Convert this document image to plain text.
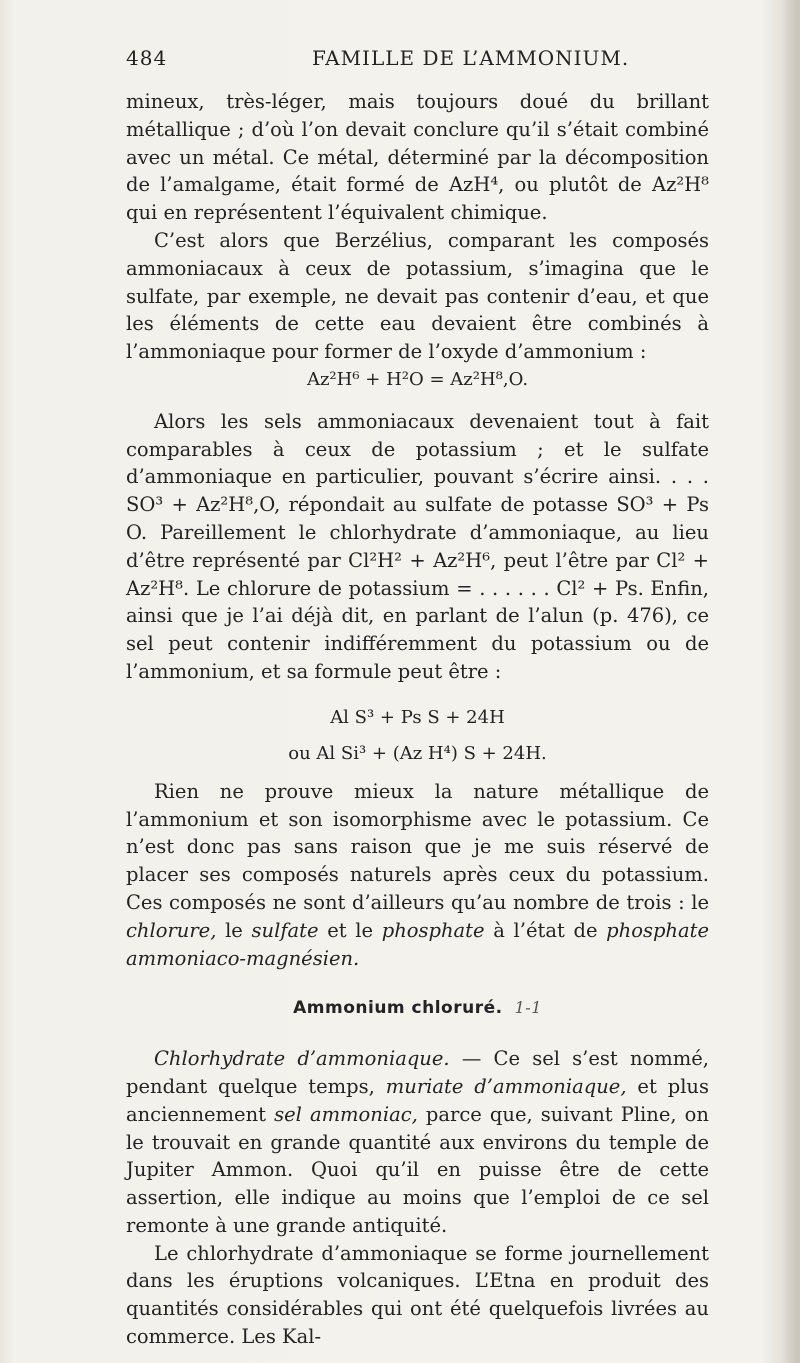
484	FAMILLE DE L’AMMONIUM.

mineux, très-léger, mais toujours doué du brillant métallique ; d’où l’on devait conclure qu’il s’était combiné avec un métal. Ce métal, déterminé par la décomposition de l’amalgame, était formé de AzH⁴, ou plutôt de Az²H⁸ qui en représentent l’équivalent chimique.

C’est alors que Berzélius, comparant les composés ammoniacaux à ceux de potassium, s’imagina que le sulfate, par exemple, ne devait pas contenir d’eau, et que les éléments de cette eau devaient être combinés à l’ammoniaque pour former de l’oxyde d’ammonium :

Az²H⁶ + H²O = Az²H⁸,O.

Alors les sels ammoniacaux devenaient tout à fait comparables à ceux de potassium ; et le sulfate d’ammoniaque en particulier, pouvant s’écrire ainsi. . . . SO³ + Az²H⁸,O, répondait au sulfate de potasse SO³ + Ps O. Pareillement le chlorhydrate d’ammoniaque, au lieu d’être représenté par Cl²H² + Az²H⁶, peut l’être par Cl² + Az²H⁸. Le chlorure de potassium = . . . . . . Cl² + Ps. Enfin, ainsi que je l’ai déjà dit, en parlant de l’alun (p. 476), ce sel peut contenir indifféremment du potassium ou de l’ammonium, et sa formule peut être :

Al S³ + Ps S + 24H
ou Al Si³ + (Az H⁴) S + 24H.

Rien ne prouve mieux la nature métallique de l’ammonium et son isomorphisme avec le potassium. Ce n’est donc pas sans raison que je me suis réservé de placer ses composés naturels après ceux du potassium. Ces composés ne sont d’ailleurs qu’au nombre de trois : le chlorure, le sulfate et le phosphate à l’état de phosphate ammoniaco-magnésien.

Ammonium chloruré. 1-1

Chlorhydrate d’ammoniaque. — Ce sel s’est nommé, pendant quelque temps, muriate d’ammoniaque, et plus anciennement sel ammoniac, parce que, suivant Pline, on le trouvait en grande quantité aux environs du temple de Jupiter Ammon. Quoi qu’il en puisse être de cette assertion, elle indique au moins que l’emploi de ce sel remonte à une grande antiquité.

Le chlorhydrate d’ammoniaque se forme journellement dans les éruptions volcaniques. L’Etna en produit des quantités considérables qui ont été quelquefois livrées au commerce. Les Kal-
